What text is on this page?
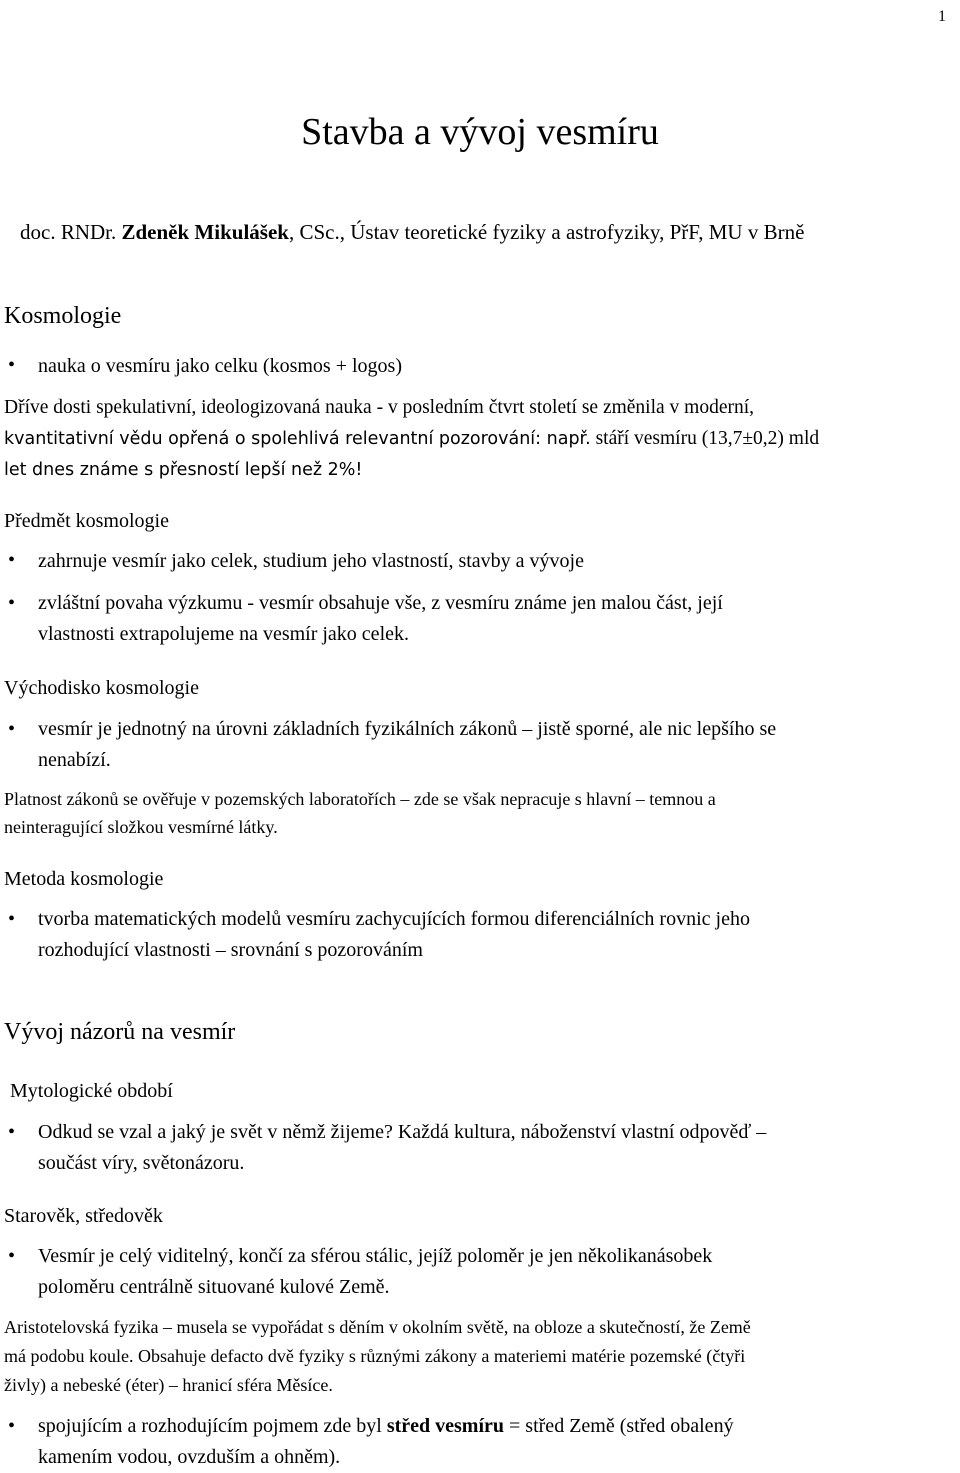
1
Stavba a vývoj vesmíru
doc. RNDr. Zdeněk Mikulášek, CSc., Ústav teoretické fyziky a astrofyziky, PřF, MU v Brně
Kosmologie
• nauka o vesmíru jako celku (kosmos + logos)
Dříve dosti spekulativní, ideologizovaná nauka - v posledním čtvrt století se změnila v moderní,
kvantitativní vědu opřená o spolehlivá relevantní pozorování: např. stáří vesmíru (13,7±0,2) mld
let dnes známe s přesností lepší než 2%!
Předmět kosmologie
• zahrnuje vesmír jako celek, studium jeho vlastností, stavby a vývoje
• zvláštní povaha výzkumu - vesmír obsahuje vše, z vesmíru známe jen malou část, její
vlastnosti extrapolujeme na vesmír jako celek.
Východisko kosmologie
• vesmír je jednotný na úrovni základních fyzikálních zákonů – jistě sporné, ale nic lepšího se
nenabízí.
Platnost zákonů se ověřuje v pozemských laboratořích – zde se však nepracuje s hlavní – temnou a
neinteragující složkou vesmírné látky.
Metoda kosmologie
• tvorba matematických modelů vesmíru zachycujících formou diferenciálních rovnic jeho
rozhodující vlastnosti – srovnání s pozorováním
Vývoj názorů na vesmír
Mytologické období
• Odkud se vzal a jaký je svět v němž žijeme? Každá kultura, náboženství vlastní odpověď –
součást víry, světonázoru.
Starověk, středověk
• Vesmír je celý viditelný, končí za sférou stálic, jejíž poloměr je jen několikanásobek
poloměru centrálně situované kulové Země.
Aristotelovská fyzika – musela se vypořádat s děním v okolním světě, na obloze a skutečností, že Země
má podobu koule. Obsahuje defacto dvě fyziky s různými zákony a materiemi matérie pozemské (čtyři
živly) a nebeské (éter) – hranicí sféra Měsíce.
• spojujícím a rozhodujícím pojmem zde byl střed vesmíru = střed Země (střed obalený
kamením vodou, ovzduším a ohněm).
